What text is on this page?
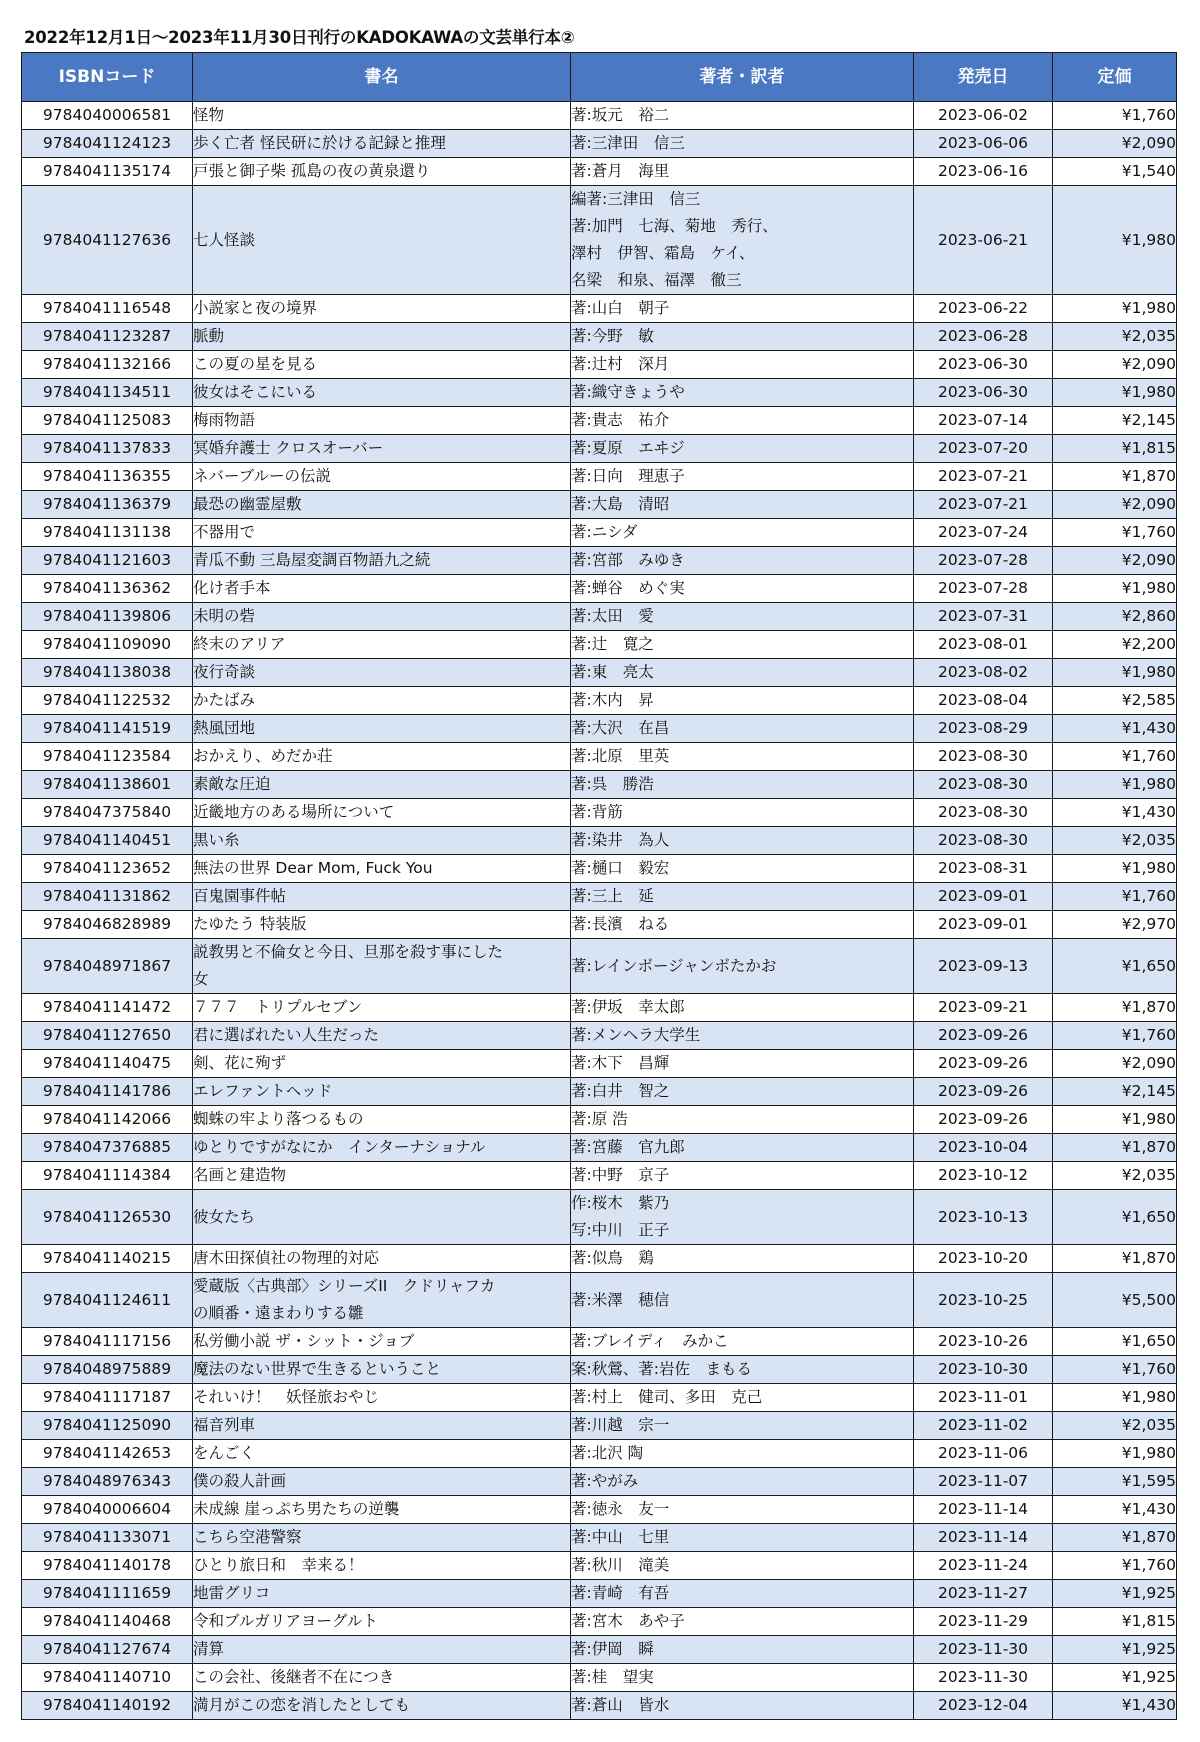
2022年12月1日～2023年11月30日刊行のKADOKAWAの文芸単行本②
ISBNコード	書名	著者・訳者	発売日	定価
9784040006581	怪物	著:坂元　裕二	2023-06-02	¥1,760
9784041124123	歩く亡者 怪民研に於ける記録と推理	著:三津田　信三	2023-06-06	¥2,090
9784041135174	戸張と御子柴 孤島の夜の黄泉還り	著:蒼月　海里	2023-06-16	¥1,540
9784041127636	七人怪談	編著:三津田　信三
著:加門　七海、菊地　秀行、
澤村　伊智、霜島　ケイ、
名梁　和泉、福澤　徹三	2023-06-21	¥1,980
9784041116548	小説家と夜の境界	著:山白　朝子	2023-06-22	¥1,980
9784041123287	脈動	著:今野　敏	2023-06-28	¥2,035
9784041132166	この夏の星を見る	著:辻村　深月	2023-06-30	¥2,090
9784041134511	彼女はそこにいる	著:織守きょうや	2023-06-30	¥1,980
9784041125083	梅雨物語	著:貴志　祐介	2023-07-14	¥2,145
9784041137833	冥婚弁護士 クロスオーバー	著:夏原　エヰジ	2023-07-20	¥1,815
9784041136355	ネバーブルーの伝説	著:日向　理恵子	2023-07-21	¥1,870
9784041136379	最恐の幽霊屋敷	著:大島　清昭	2023-07-21	¥2,090
9784041131138	不器用で	著:ニシダ	2023-07-24	¥1,760
9784041121603	青瓜不動 三島屋変調百物語九之続	著:宮部　みゆき	2023-07-28	¥2,090
9784041136362	化け者手本	著:蝉谷　めぐ実	2023-07-28	¥1,980
9784041139806	未明の砦	著:太田　愛	2023-07-31	¥2,860
9784041109090	終末のアリア	著:辻　寛之	2023-08-01	¥2,200
9784041138038	夜行奇談	著:東　亮太	2023-08-02	¥1,980
9784041122532	かたばみ	著:木内　昇	2023-08-04	¥2,585
9784041141519	熱風団地	著:大沢　在昌	2023-08-29	¥1,430
9784041123584	おかえり、めだか荘	著:北原　里英	2023-08-30	¥1,760
9784041138601	素敵な圧迫	著:呉　勝浩	2023-08-30	¥1,980
9784047375840	近畿地方のある場所について	著:背筋	2023-08-30	¥1,430
9784041140451	黒い糸	著:染井　為人	2023-08-30	¥2,035
9784041123652	無法の世界 Dear Mom, Fuck You	著:樋口　毅宏	2023-08-31	¥1,980
9784041131862	百鬼園事件帖	著:三上　延	2023-09-01	¥1,760
9784046828989	たゆたう 特装版	著:長濱　ねる	2023-09-01	¥2,970
9784048971867	説教男と不倫女と今日、旦那を殺す事にした
女	著:レインボージャンボたかお	2023-09-13	¥1,650
9784041141472	７７７　トリプルセブン	著:伊坂　幸太郎	2023-09-21	¥1,870
9784041127650	君に選ばれたい人生だった	著:メンヘラ大学生	2023-09-26	¥1,760
9784041140475	剣、花に殉ず	著:木下　昌輝	2023-09-26	¥2,090
9784041141786	エレファントヘッド	著:白井　智之	2023-09-26	¥2,145
9784041142066	蜘蛛の牢より落つるもの	著:原 浩	2023-09-26	¥1,980
9784047376885	ゆとりですがなにか　インターナショナル	著:宮藤　官九郎	2023-10-04	¥1,870
9784041114384	名画と建造物	著:中野　京子	2023-10-12	¥2,035
9784041126530	彼女たち	作:桜木　紫乃
写:中川　正子	2023-10-13	¥1,650
9784041140215	唐木田探偵社の物理的対応	著:似鳥　鶏	2023-10-20	¥1,870
9784041124611	愛蔵版〈古典部〉シリーズII　クドリャフカ
の順番・遠まわりする雛	著:米澤　穂信	2023-10-25	¥5,500
9784041117156	私労働小説 ザ・シット・ジョブ	著:ブレイディ　みかこ	2023-10-26	¥1,650
9784048975889	魔法のない世界で生きるということ	案:秋鶯、著:岩佐　まもる	2023-10-30	¥1,760
9784041117187	それいけ！　妖怪旅おやじ	著:村上　健司、多田　克己	2023-11-01	¥1,980
9784041125090	福音列車	著:川越　宗一	2023-11-02	¥2,035
9784041142653	をんごく	著:北沢 陶	2023-11-06	¥1,980
9784048976343	僕の殺人計画	著:やがみ	2023-11-07	¥1,595
9784040006604	未成線 崖っぷち男たちの逆襲	著:徳永　友一	2023-11-14	¥1,430
9784041133071	こちら空港警察	著:中山　七里	2023-11-14	¥1,870
9784041140178	ひとり旅日和　幸来る！	著:秋川　滝美	2023-11-24	¥1,760
9784041111659	地雷グリコ	著:青崎　有吾	2023-11-27	¥1,925
9784041140468	令和ブルガリアヨーグルト	著:宮木　あや子	2023-11-29	¥1,815
9784041127674	清算	著:伊岡　瞬	2023-11-30	¥1,925
9784041140710	この会社、後継者不在につき	著:桂　望実	2023-11-30	¥1,925
9784041140192	満月がこの恋を消したとしても	著:蒼山　皆水	2023-12-04	¥1,430
